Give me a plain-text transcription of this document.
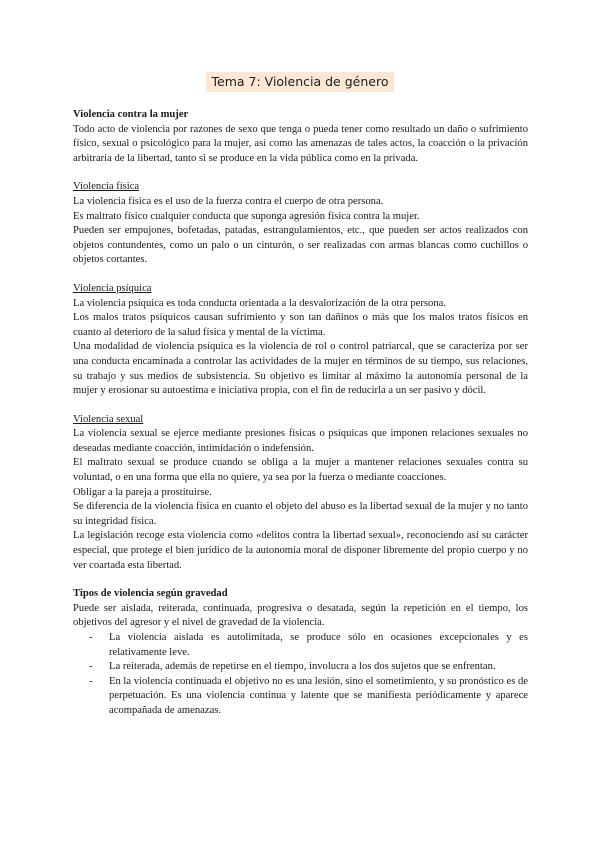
Tema 7: Violencia de género

Violencia contra la mujer

Todo acto de violencia por razones de sexo que tenga o pueda tener como resultado un daño o sufrimiento físico, sexual o psicológico para la mujer, así como las amenazas de tales actos, la coacción o la privación arbitraria de la libertad, tanto si se produce en la vida pública como en la privada.

Violencia física

La violencia física es el uso de la fuerza contra el cuerpo de otra persona.

Es maltrato físico cualquier conducta que suponga agresión física contra la mujer.

Pueden ser empujones, bofetadas, patadas, estrangulamientos, etc., que pueden ser actos realizados con objetos contundentes, como un palo o un cinturón, o ser realizadas con armas blancas como cuchillos o objetos cortantes.

Violencia psíquica

La violencia psíquica es toda conducta orientada a la desvalorización de la otra persona.

Los malos tratos psíquicos causan sufrimiento y son tan dañinos o más que los malos tratos físicos en cuanto al deterioro de la salud física y mental de la víctima.

Una modalidad de violencia psíquica es la violencia de rol o control patriarcal, que se caracteriza por ser una conducta encaminada a controlar las actividades de la mujer en términos de su tiempo, sus relaciones, su trabajo y sus medios de subsistencia. Su objetivo es limitar al máximo la autonomía personal de la mujer y erosionar su autoestima e iniciativa propia, con el fin de reducirla a un ser pasivo y dócil.

Violencia sexual

La violencia sexual se ejerce mediante presiones físicas o psíquicas que imponen relaciones sexuales no deseadas mediante coacción, intimidación o indefensión.

El maltrato sexual se produce cuando se obliga a la mujer a mantener relaciones sexuales contra su voluntad, o en una forma que ella no quiere, ya sea por la fuerza o mediante coacciones.

Obligar a la pareja a prostituirse.

Se diferencia de la violencia física en cuanto el objeto del abuso es la libertad sexual de la mujer y no tanto su integridad física.

La legislación recoge esta violencia como «delitos contra la libertad sexual», reconociendo así su carácter especial, que protege el bien jurídico de la autonomía moral de disponer libremente del propio cuerpo y no ver coartada esta libertad.

Tipos de violencia según gravedad

Puede ser aislada, reiterada, continuada, progresiva o desatada, según la repetición en el tiempo, los objetivos del agresor y el nivel de gravedad de la violencia.

- La violencia aislada es autolimitada, se produce sólo en ocasiones excepcionales y es relativamente leve.
- La reiterada, además de repetirse en el tiempo, involucra a los dos sujetos que se enfrentan.
- En la violencia continuada el objetivo no es una lesión, sino el sometimiento, y su pronóstico es de perpetuación. Es una violencia continua y latente que se manifiesta periódicamente y aparece acompañada de amenazas.
